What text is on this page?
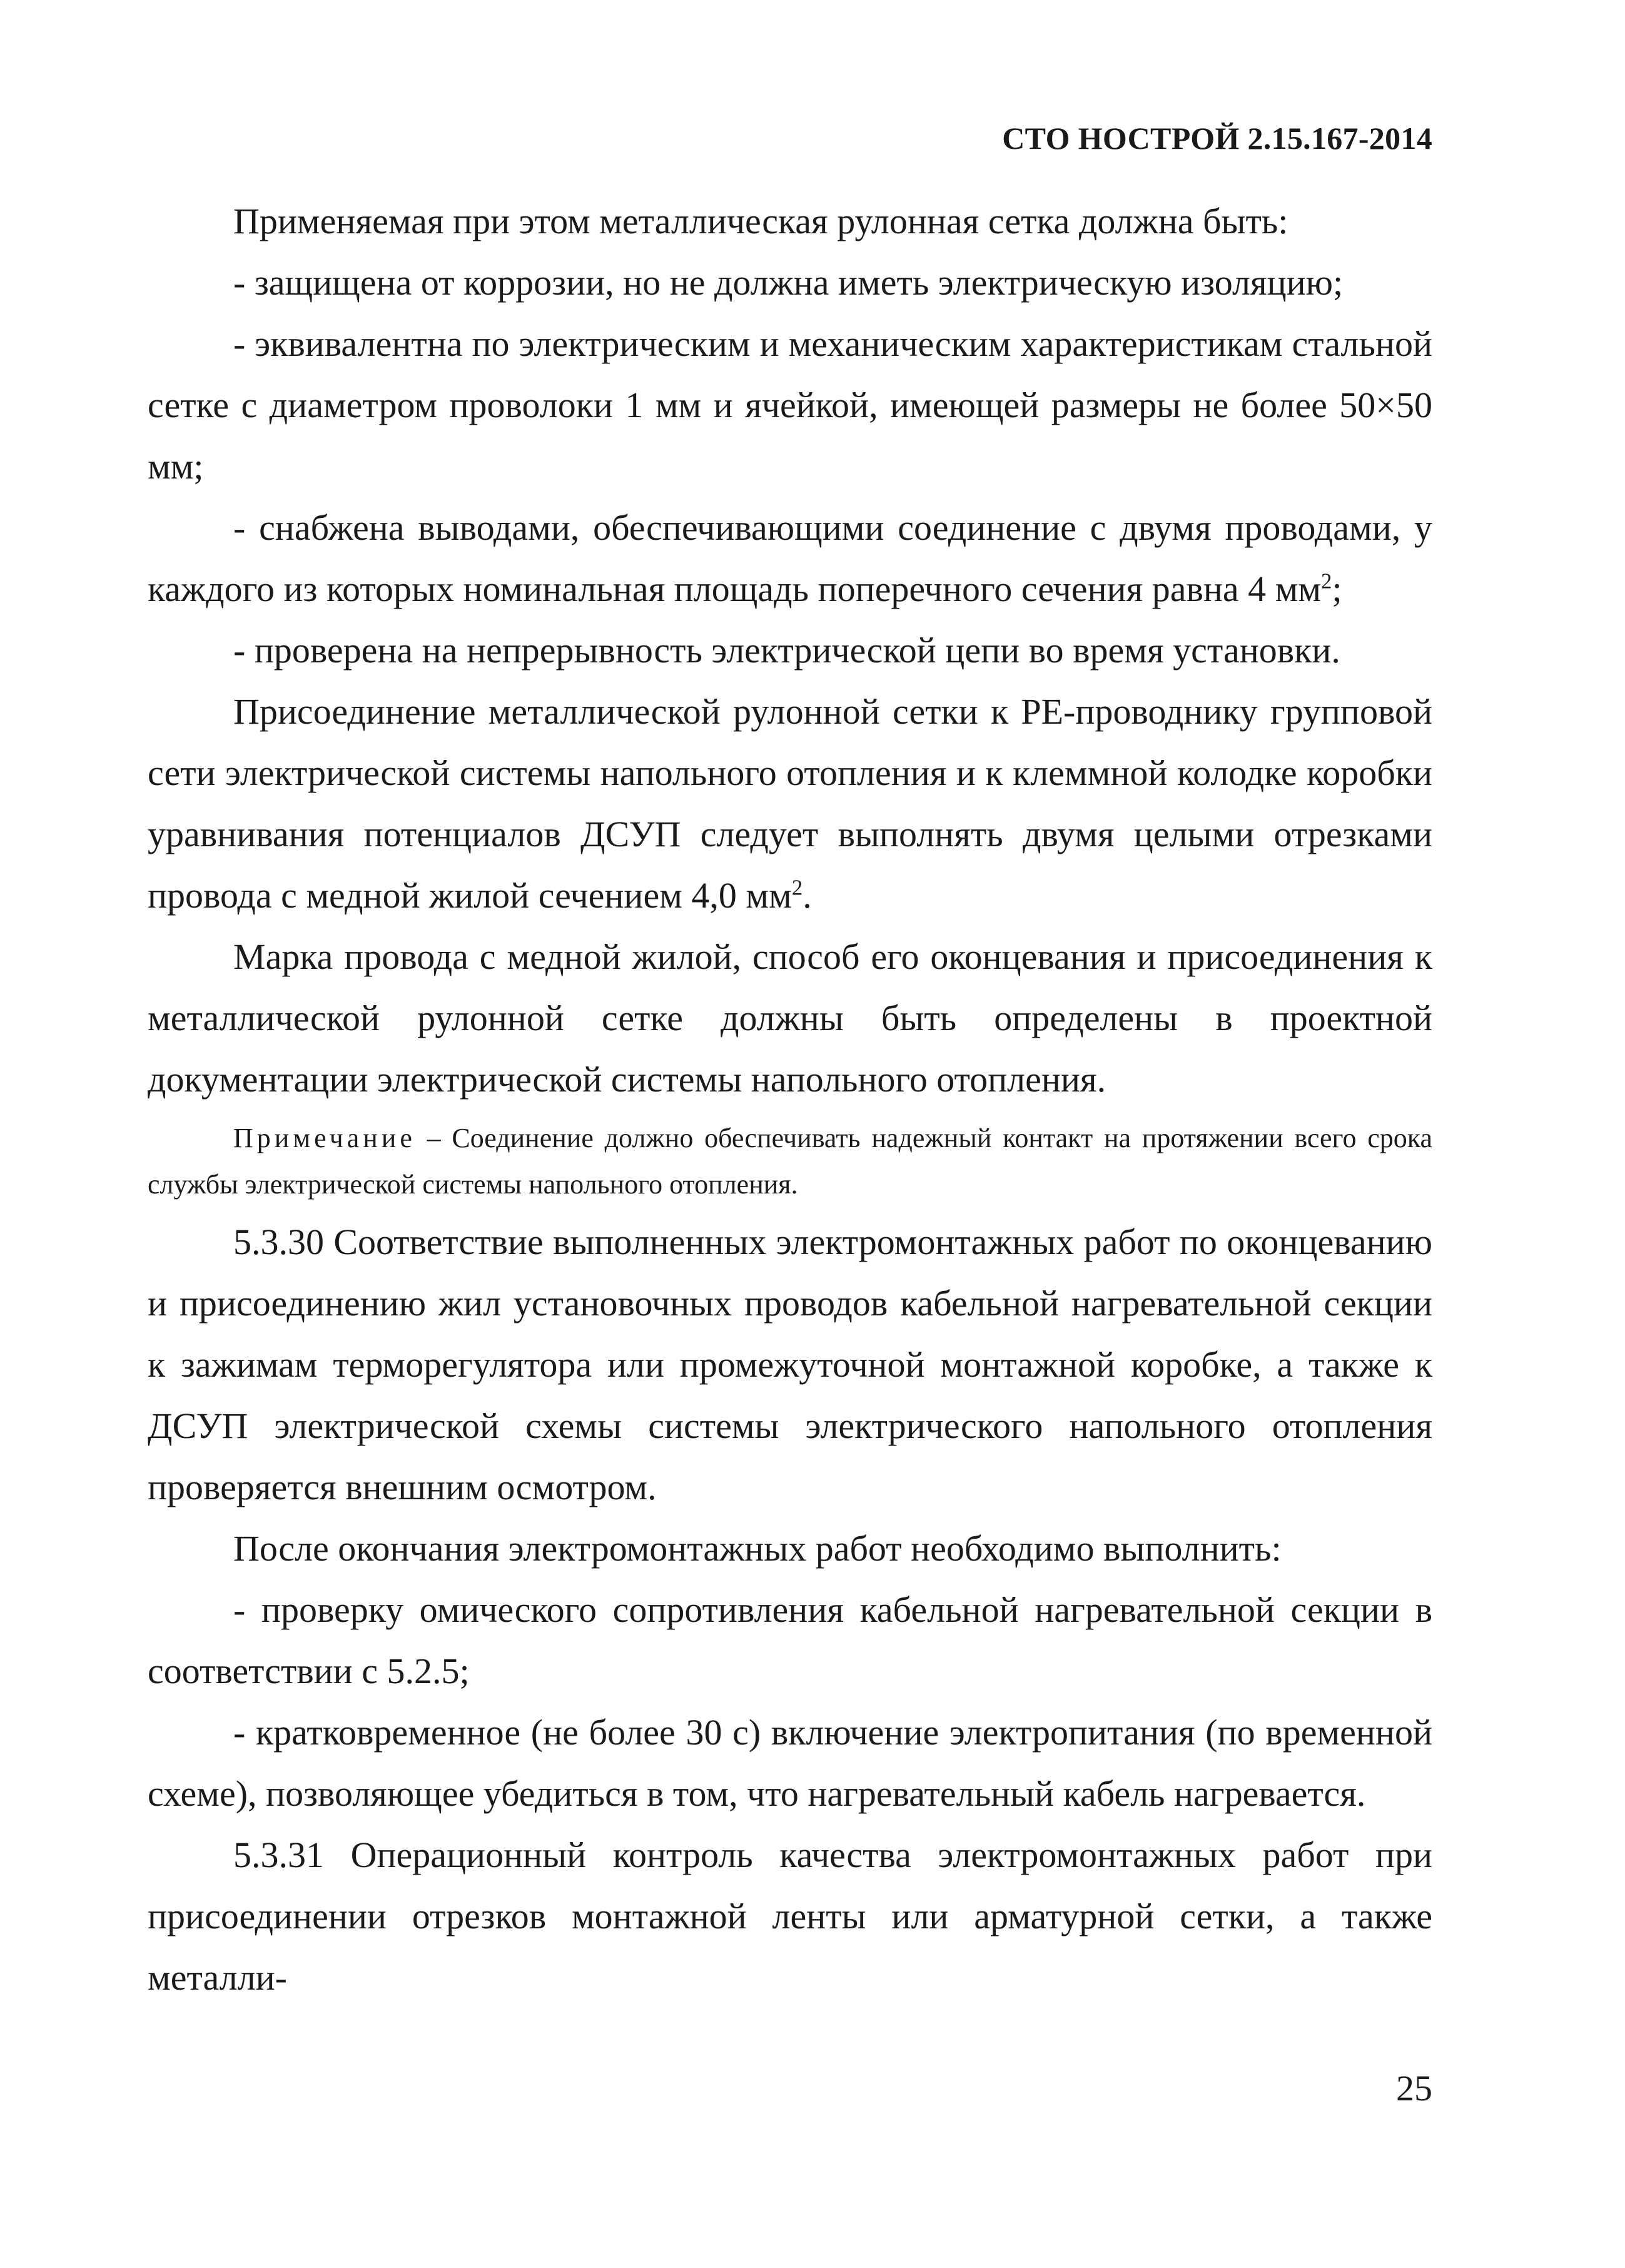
СТО НОСТРОЙ 2.15.167-2014

Применяемая при этом металлическая рулонная сетка должна быть:

- защищена от коррозии, но не должна иметь электрическую изоляцию;

- эквивалентна по электрическим и механическим характеристикам стальной сетке с диаметром проволоки 1 мм и ячейкой, имеющей размеры не более 50×50 мм;

- снабжена выводами, обеспечивающими соединение с двумя проводами, у каждого из которых номинальная площадь поперечного сечения равна 4 $мм^2$;

- проверена на непрерывность электрической цепи во время установки.

Присоединение металлической рулонной сетки к РЕ-проводнику групповой сети электрической системы напольного отопления и к клеммной колодке коробки уравнивания потенциалов ДСУП следует выполнять двумя целыми отрезками провода с медной жилой сечением 4,0 $мм^2$.

Марка провода с медной жилой, способ его оконцевания и присоединения к металлической рулонной сетке должны быть определены в проектной документации электрической системы напольного отопления.

Примечание – Соединение должно обеспечивать надежный контакт на протяжении всего срока службы электрической системы напольного отопления.

5.3.30 Соответствие выполненных электромонтажных работ по оконцеванию и присоединению жил установочных проводов кабельной нагревательной секции к зажимам терморегулятора или промежуточной монтажной коробке, а также к ДСУП электрической схемы системы электрического напольного отопления проверяется внешним осмотром.

После окончания электромонтажных работ необходимо выполнить:

- проверку омического сопротивления кабельной нагревательной секции в соответствии с 5.2.5;

- кратковременное (не более 30 с) включение электропитания (по временной схеме), позволяющее убедиться в том, что нагревательный кабель нагревается.

5.3.31 Операционный контроль качества электромонтажных работ при присоединении отрезков монтажной ленты или арматурной сетки, а также металли-

25
